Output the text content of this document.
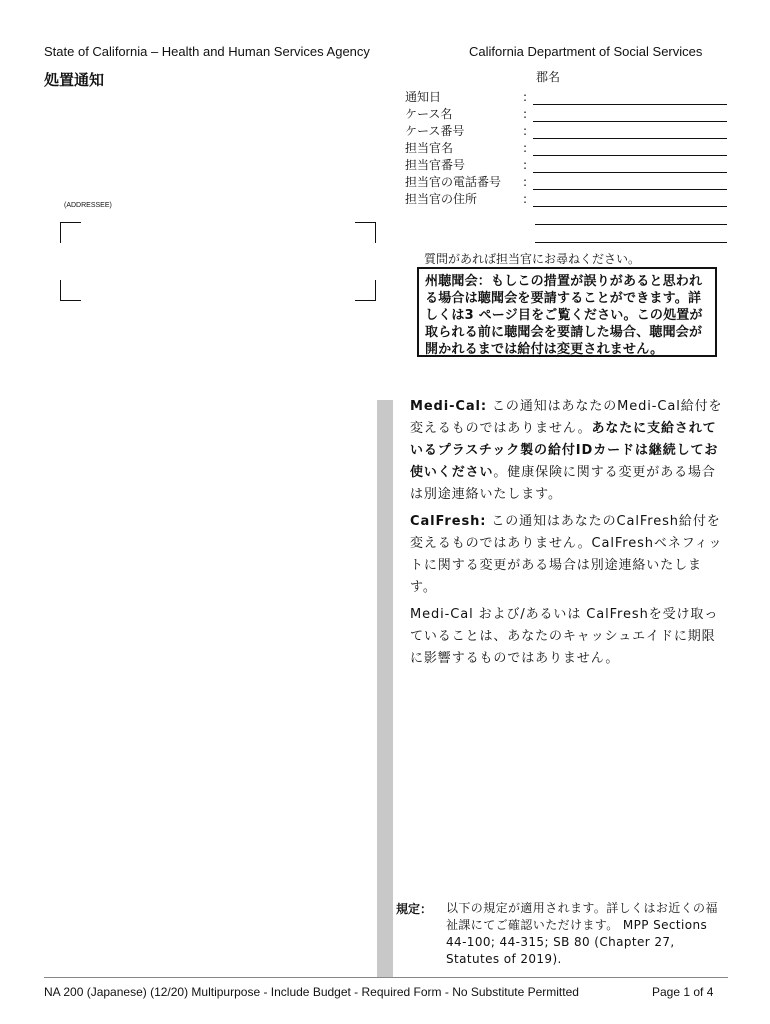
State of California – Health and Human Services Agency	California Department of Social Services
処置通知	郡名
通知日	:
ケース名	:
ケース番号	:
担当官名	:
担当官番号	:
担当官の電話番号 :
担当官の住所	:
(ADDRESSEE)
質問があれば担当官にお尋ねください。
州聴聞会：もしこの措置が誤りがあると思われる場合は聴聞会を要請することができます。詳しくは3 ページ目をご覧ください。この処置が取られる前に聴聞会を要請した場合、聴聞会が開かれるまでは給付は変更されません。
Medi-Cal: この通知はあなたのMedi-Cal給付を変えるものではありません。あなたに支給されているプラスチック製の給付IDカードは継続してお使いください。健康保険に関する変更がある場合は別途連絡いたします。
CalFresh: この通知はあなたのCalFresh給付を変えるものではありません。CalFreshベネフィットに関する変更がある場合は別途連絡いたします。
Medi-Cal および/あるいは CalFreshを受け取っていることは、あなたのキャッシュエイドに期限に影響するものではありません。
規定： 以下の規定が適用されます。詳しくはお近くの福祉課にてご確認いただけます。 MPP Sections 44-100; 44-315; SB 80 (Chapter 27, Statutes of 2019).
NA 200 (Japanese) (12/20) Multipurpose - Include Budget - Required Form - No Substitute Permitted	Page 1 of 4
